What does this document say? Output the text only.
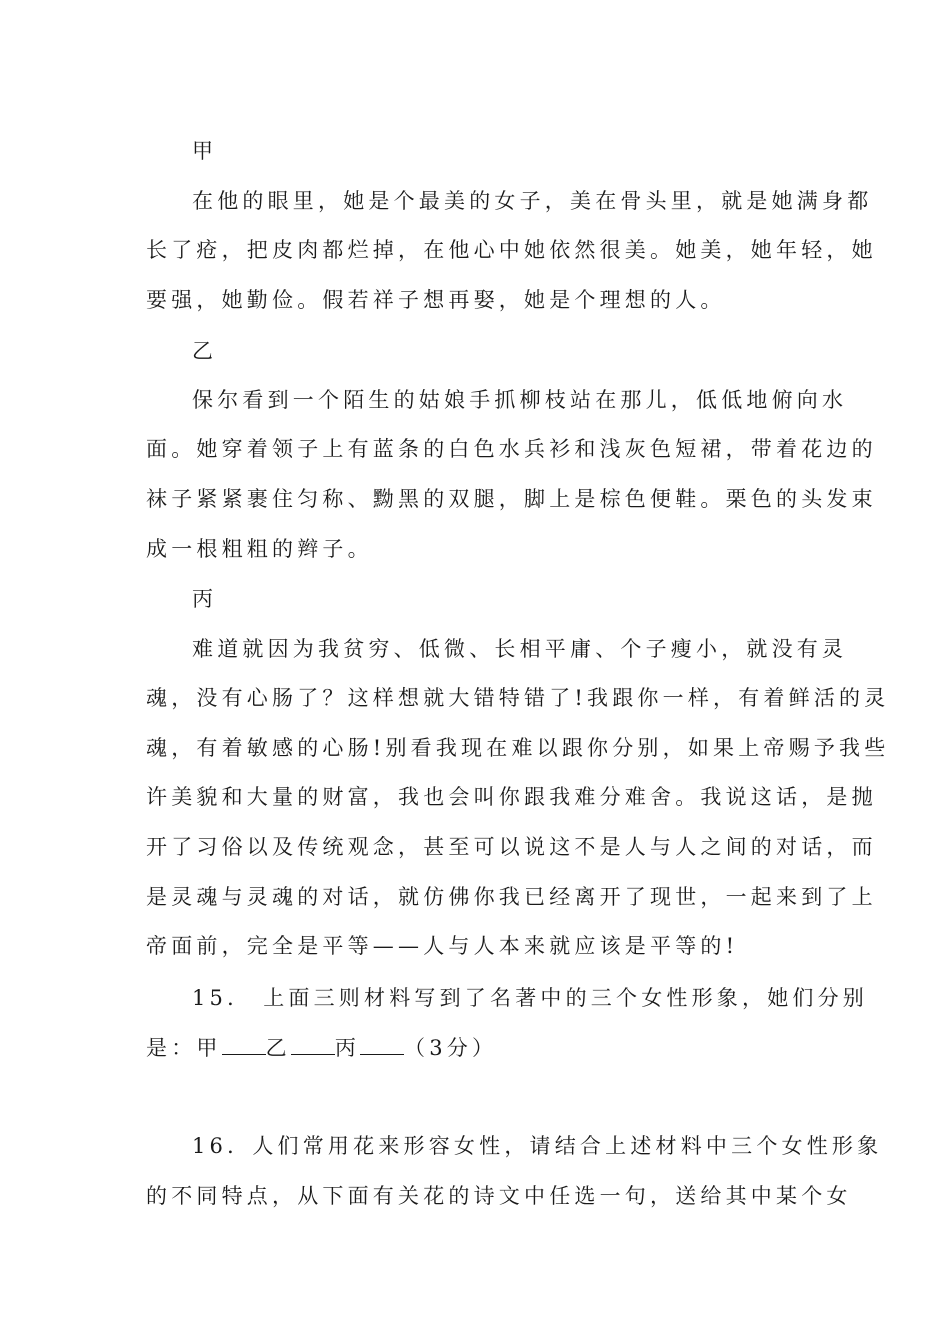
甲
在他的眼里，她是个最美的女子，美在骨头里，就是她满身都
长了疮，把皮肉都烂掉，在他心中她依然很美。她美，她年轻，她
要强，她勤俭。假若祥子想再娶，她是个理想的人。
乙
保尔看到一个陌生的姑娘手抓柳枝站在那儿，低低地俯向水
面。她穿着领子上有蓝条的白色水兵衫和浅灰色短裙，带着花边的
袜子紧紧裹住匀称、黝黑的双腿，脚上是棕色便鞋。栗色的头发束
成一根粗粗的辫子。
丙
难道就因为我贫穷、低微、长相平庸、个子瘦小，就没有灵
魂，没有心肠了？这样想就大错特错了!我跟你一样，有着鲜活的灵
魂，有着敏感的心肠!别看我现在难以跟你分别，如果上帝赐予我些
许美貌和大量的财富，我也会叫你跟我难分难舍。我说这话，是抛
开了习俗以及传统观念，甚至可以说这不是人与人之间的对话，而
是灵魂与灵魂的对话，就仿佛你我已经离开了现世，一起来到了上
帝面前，完全是平等——人与人本来就应该是平等的!
15． 上面三则材料写到了名著中的三个女性形象，她们分别
是：甲 乙 丙 （3分）
16．人们常用花来形容女性，请结合上述材料中三个女性形象
的不同特点，从下面有关花的诗文中任选一句，送给其中某个女
